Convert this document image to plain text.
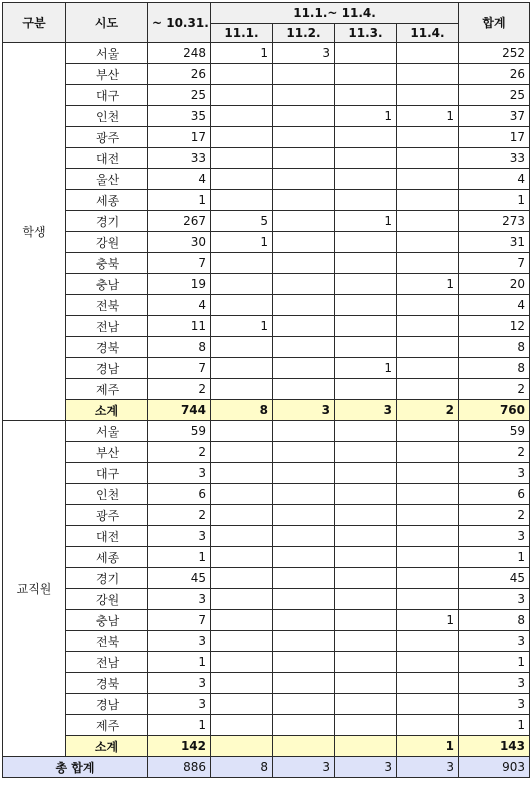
구분	시도	~ 10.31.	11.1.~ 11.4.				합계
			11.1.	11.2.	11.3.	11.4.	
학생	서울	248	1	3			252
	부산	26					26
	대구	25					25
	인천	35			1	1	37
	광주	17					17
	대전	33					33
	울산	4					4
	세종	1					1
	경기	267	5		1		273
	강원	30	1				31
	충북	7					7
	충남	19				1	20
	전북	4					4
	전남	11	1				12
	경북	8					8
	경남	7			1		8
	제주	2					2
	소계	744	8	3	3	2	760
교직원	서울	59					59
	부산	2					2
	대구	3					3
	인천	6					6
	광주	2					2
	대전	3					3
	세종	1					1
	경기	45					45
	강원	3					3
	충남	7				1	8
	전북	3					3
	전남	1					1
	경북	3					3
	경남	3					3
	제주	1					1
	소계	142				1	143
총 합계		886	8	3	3	3	903
